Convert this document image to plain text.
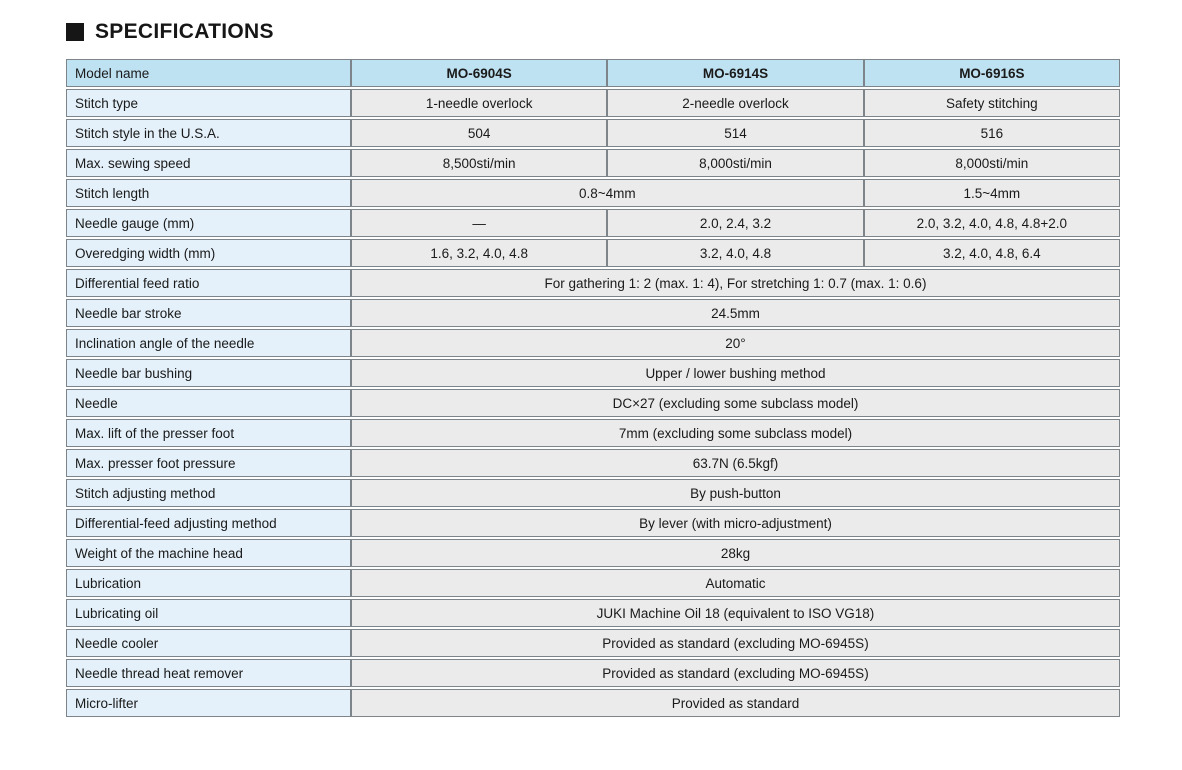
SPECIFICATIONS
Model name	MO-6904S	MO-6914S	MO-6916S
Stitch type	1-needle overlock	2-needle overlock	Safety stitching
Stitch style in the U.S.A.	504	514	516
Max. sewing speed	8,500sti/min	8,000sti/min	8,000sti/min
Stitch length	0.8~4mm		1.5~4mm
Needle gauge (mm)	—	2.0, 2.4, 3.2	2.0, 3.2, 4.0, 4.8, 4.8+2.0
Overedging width (mm)	1.6, 3.2, 4.0, 4.8	3.2, 4.0, 4.8	3.2, 4.0, 4.8, 6.4
Differential feed ratio	For gathering 1: 2 (max. 1: 4), For stretching 1: 0.7 (max. 1: 0.6)		
Needle bar stroke	24.5mm		
Inclination angle of the needle	20°		
Needle bar bushing	Upper / lower bushing method		
Needle	DC×27 (excluding some subclass model)		
Max. lift of the presser foot	7mm (excluding some subclass model)		
Max. presser foot pressure	63.7N (6.5kgf)		
Stitch adjusting method	By push-button		
Differential-feed adjusting method	By lever (with micro-adjustment)		
Weight of the machine head	28kg		
Lubrication	Automatic		
Lubricating oil	JUKI Machine Oil 18 (equivalent to ISO VG18)		
Needle cooler	Provided as standard (excluding MO-6945S)		
Needle thread heat remover	Provided as standard (excluding MO-6945S)		
Micro-lifter	Provided as standard		
